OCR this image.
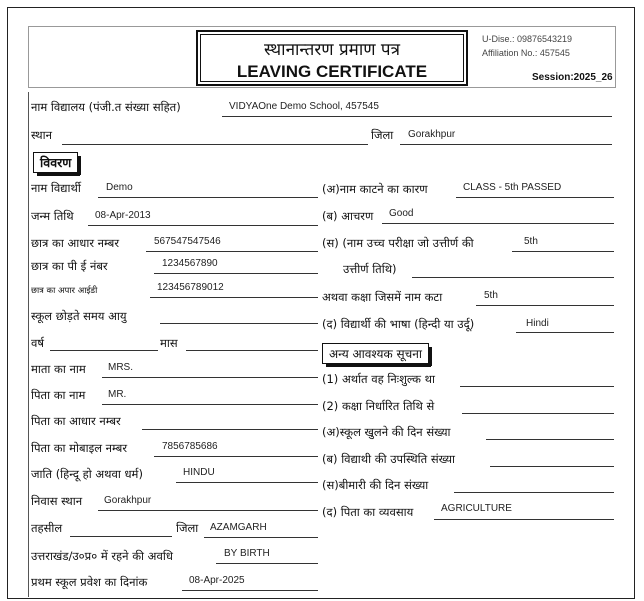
स्थानान्तरण प्रमाण पत्र
LEAVING CERTIFICATE
U-Dise.: 09876543219
Affiliation No.: 457545
Session:2025_26
नाम विद्यालय (पंजी.त संख्या सहित)	VIDYAOne Demo School, 457545
स्थान	जिला Gorakhpur
विवरण
नाम विद्यार्थी	Demo
जन्म तिथि 08-Apr-2013
छात्र का आधार नम्बर	567547547546
छात्र का पी ई नंबर	1234567890
छात्र का अपार आईडी	123456789012
स्कूल छोड़ते समय आयु
वर्ष	मास
माता का नाम MRS.
पिता का नाम MR.
पिता का आधार नम्बर
पिता का मोबाइल नम्बर	7856785686
जाति (हिन्दू हो अथवा धर्म)	HINDU
निवास स्थान Gorakhpur
तहसील	जिला AZAMGARH
उत्तराखंड/उ०प्र० में रहने की अवधि	BY BIRTH
प्रथम स्कूल प्रवेश का दिनांक	08-Apr-2025
(अ)नाम काटने का कारण	CLASS - 5th PASSED
(ब) आचरण Good
(स) (नाम उच्च परीक्षा जो उत्तीर्ण की	5th
उत्तीर्ण तिथि)
अथवा कक्षा जिसमें नाम कटा	5th
(द) विद्यार्थी की भाषा (हिन्दी या उर्दू)	Hindi
अन्य आवश्यक सूचना
(1) अर्थात वह निःशुल्क था
(2) कक्षा निर्धारित तिथि से
(अ)स्कूल खुलने की दिन संख्या
(ब) विद्याथी की उपस्थिति संख्या
(स)बीमारी की दिन संख्या
(द) पिता का व्यवसाय	AGRICULTURE
